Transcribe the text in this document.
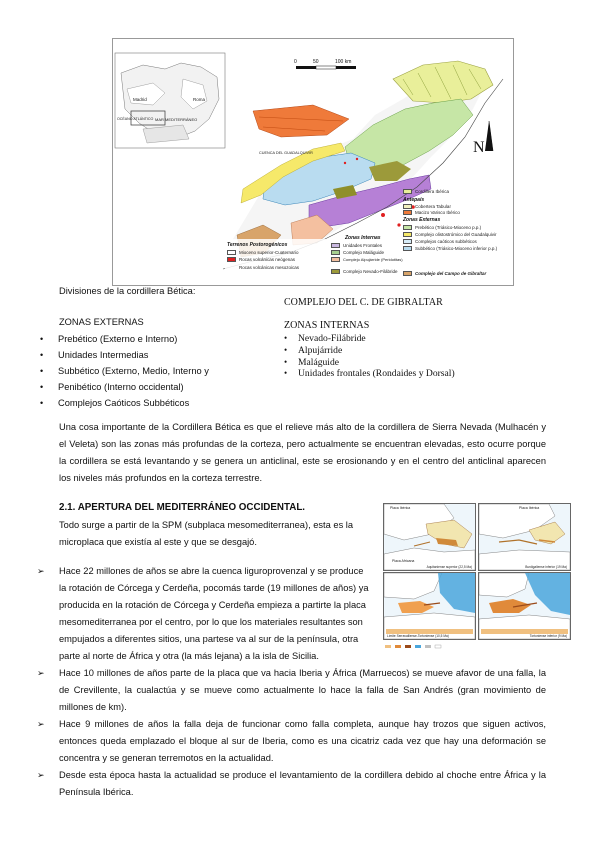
Madrid	Roma
MAR MEDITERRÁNEO
OCÉANO ATLÁNTICO
CUENCA DEL GUADALQUIVIR
0	50	100 km
N
Cordillera Ibérica
Antepaís
Cobertera Tabular
Macizo Varisco Ibérico
Zonas Externas
Prebético (Triásico-Mioceno p.p.)
Complejo olistostrómico del Guadalquivir
Complejos caóticos subbéticos
Subbético (Triásico-Mioceno inferior p.p.)
Complejo del Campo de Gibraltar
Terrenos Postorogénicos
Mioceno superior-Cuaternario
Rocas volcánicas neógenas
Rocas volcánicas mesozoicas
Zonas Internas
Unidades Frontales
Complejo Maláguide
Complejo Alpujárride (Peridotitas)
Complejo Nevado-Filábride
Divisiones de la cordillera Bética:
ZONAS EXTERNAS
• Prebético (Externo e Interno)
• Unidades Intermedias
• Subbético (Externo, Medio, Interno y
• Penibético (Interno occidental)
• Complejos Caóticos Subbéticos
COMPLEJO DEL C. DE GIBRALTAR
ZONAS INTERNAS
• Nevado-Filábride
• Alpujárride
• Maláguide
• Unidades frontales (Rondaides y Dorsal)

Una cosa importante de la Cordillera Bética es que el relieve más alto de la cordillera de Sierra Nevada (Mulhacén y el Veleta) son las zonas más profundas de la corteza, pero actualmente se encuentran elevadas, esto ocurre porque la cordillera se está levantando y se genera un anticlinal, este se erosionando y en el centro del anticlinal aparecen los niveles más profundos en la corteza terrestre.

2.1. APERTURA DEL MEDITERRÁNEO OCCIDENTAL.
Todo surge a partir de la SPM (subplaca mesomediterranea), esta es la
microplaca que existía al este y que se desgajó.
➢ Hace 22 millones de años se abre la cuenca liguroprovenzal y se produce
la rotación de Córcega y Cerdeña, pocomás tarde (19 millones de años) ya
producida en la rotación de Córcega y Cerdeña empieza a partirte la placa
mesomediterranea por el centro, por lo que los materiales resultantes son
empujados a diferentes sitios, una partese va al sur de la península, otra
parte al norte de África y otra (la más lejana) a la isla de Sicilia.
➢ Hace 10 millones de años parte de la placa que va hacia Iberia y África (Marruecos) se mueve afavor de una falla, la de Crevillente, la cualactúa y se mueve como actualmente lo hace la falla de San Andrés (gran movimiento de millones de km).
➢ Hace 9 millones de años la falla deja de funcionar como falla completa, aunque hay trozos que siguen activos, entonces queda emplazado el bloque al sur de Iberia, como es una cicatriz cada vez que hay una deformación se concentra y se generan terremotos en la actualidad.
➢ Desde esta época hasta la actualidad se produce el levantamiento de la cordillera debido al choche entre África y la Península Ibérica.
Placa Ibérica
Placa Africana
Aquitaniense superior (22,5 Ma)
Placa Ibérica
Burdigaliense inferior (19 Ma)
Límite Serravalliense-Tortoniense (10,5 Ma)	Tortoniense inferior (9 Ma)
